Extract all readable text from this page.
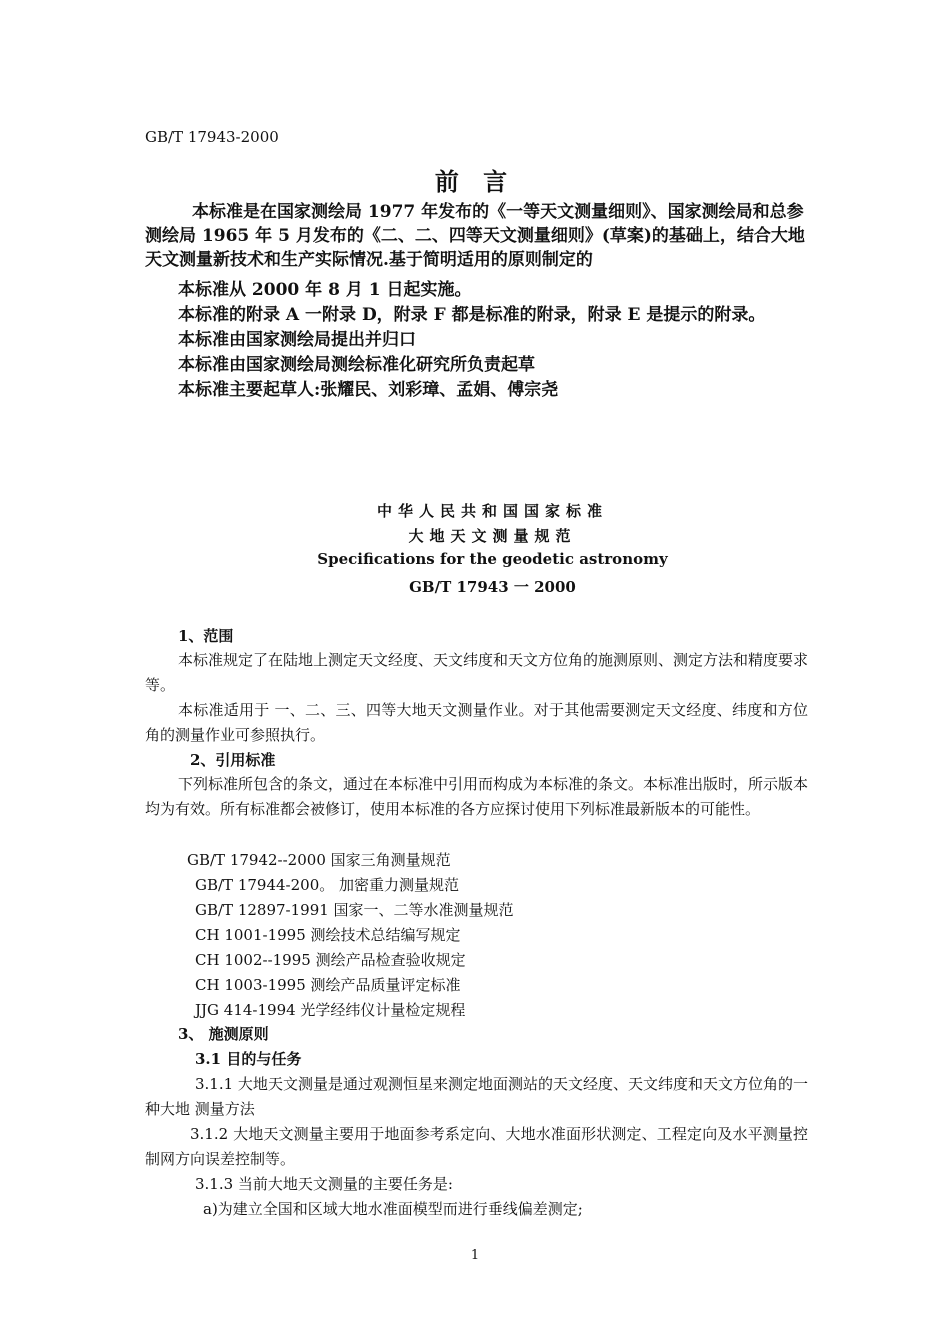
GB/T 17943-2000
前 言
本标准是在国家测绘局 1977 年发布的《一等天文测量细则》、国家测绘局和总参测绘局 1965 年 5 月发布的《二、二、四等天文测量细则》(草案)的基础上，结合大地天文测量新技术和生产实际情况.基于简明适用的原则制定的
本标准从 2000 年 8 月 1 日起实施。
本标准的附录 A 一附录 D，附录 F 都是标准的附录，附录 E 是提示的附录。
本标准由国家测绘局提出并归口
本标准由国家测绘局测绘标准化研究所负责起草
本标准主要起草人:张耀民、刘彩璋、孟娟、傅宗尧
中华人民共和国国家标准
大地天文测量规范
Specifications for the geodetic astronomy
GB/T 17943 一 2000
1、范围
本标准规定了在陆地上测定天文经度、天文纬度和天文方位角的施测原则、测定方法和精度要求等。
本标准适用于 一、二、三、四等大地天文测量作业。对于其他需要测定天文经度、纬度和方位角的测量作业可参照执行。
2、引用标准
下列标准所包含的条文，通过在本标准中引用而构成为本标准的条文。本标准出版时，所示版本均为有效。所有标准都会被修订，使用本标准的各方应探讨使用下列标准最新版本的可能性。
GB/T 17942--2000 国家三角测量规范
GB/T 17944-200。 加密重力测量规范
GB/T 12897-1991 国家一、二等水准测量规范
CH 1001-1995 测绘技术总结编写规定
CH 1002--1995 测绘产品检查验收规定
CH 1003-1995 测绘产品质量评定标准
JJG 414-1994 光学经纬仪计量检定规程
3、 施测原则
3.1 目的与任务
3.1.1 大地天文测量是通过观测恒星来测定地面测站的天文经度、天文纬度和天文方位角的一种大地 测量方法
3.1.2 大地天文测量主要用于地面参考系定向、大地水准面形状测定、工程定向及水平测量控制网方向误差控制等。
3.1.3 当前大地天文测量的主要任务是:
a)为建立全国和区域大地水准面模型而进行垂线偏差测定;
1
